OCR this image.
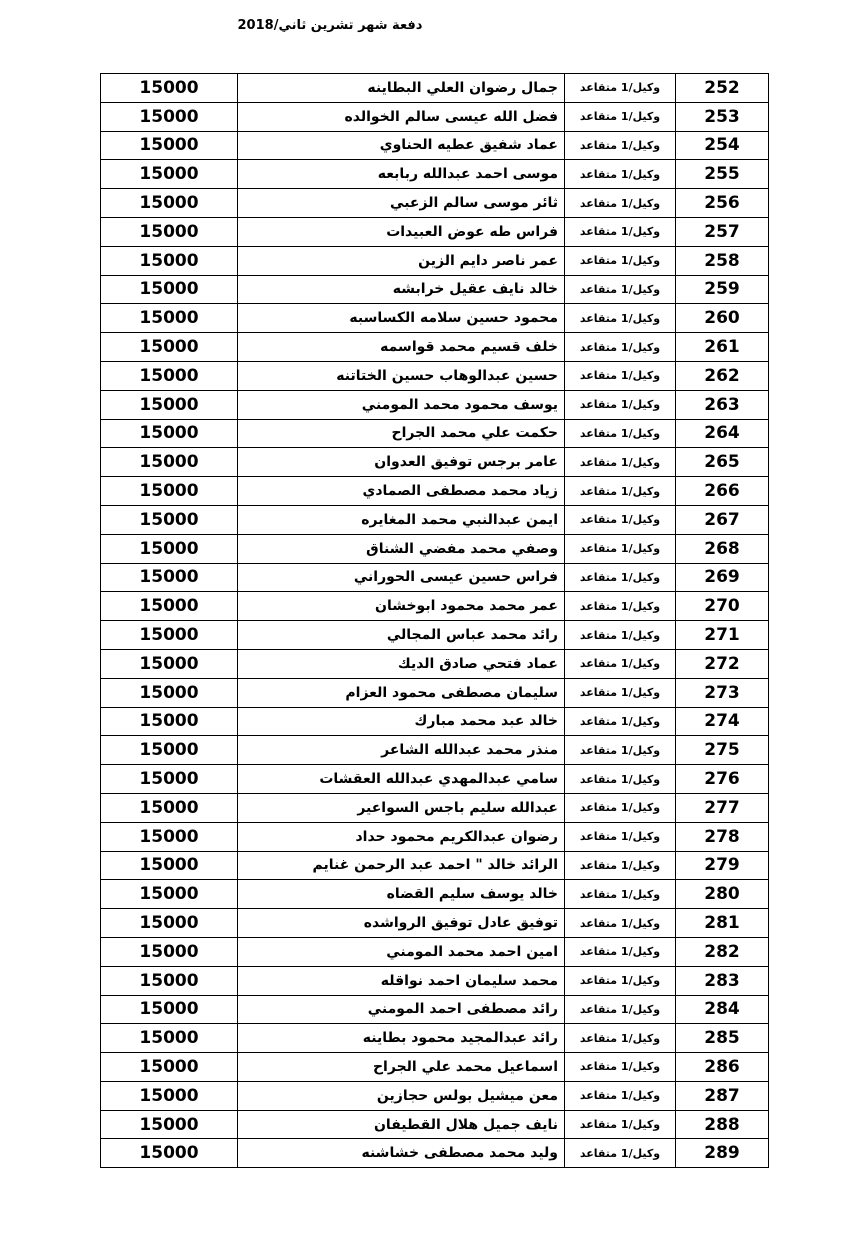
دفعة شهر تشرين ثاني/2018
15000	جمال رضوان العلي البطاينه	وكيل/1 متقاعد	252
15000	فضل الله عيسى سالم الخوالده	وكيل/1 متقاعد	253
15000	عماد شفيق عطيه الحناوي	وكيل/1 متقاعد	254
15000	موسى احمد عبدالله ربابعه	وكيل/1 متقاعد	255
15000	ثائر موسى سالم الزعبي	وكيل/1 متقاعد	256
15000	فراس طه عوض العبيدات	وكيل/1 متقاعد	257
15000	عمر ناصر دايم الزين	وكيل/1 متقاعد	258
15000	خالد نايف عقيل خرابشه	وكيل/1 متقاعد	259
15000	محمود حسين سلامه الكساسبه	وكيل/1 متقاعد	260
15000	خلف قسيم محمد قواسمه	وكيل/1 متقاعد	261
15000	حسين عبدالوهاب حسين الختاتنه	وكيل/1 متقاعد	262
15000	يوسف محمود محمد المومني	وكيل/1 متقاعد	263
15000	حكمت علي محمد الجراح	وكيل/1 متقاعد	264
15000	عامر برجس توفيق العدوان	وكيل/1 متقاعد	265
15000	زياد محمد مصطفى الصمادي	وكيل/1 متقاعد	266
15000	ايمن عبدالنبي محمد المغايره	وكيل/1 متقاعد	267
15000	وصفي محمد مفضي الشناق	وكيل/1 متقاعد	268
15000	فراس حسين عيسى الحوراني	وكيل/1 متقاعد	269
15000	عمر محمد محمود ابوخشان	وكيل/1 متقاعد	270
15000	رائد محمد عباس المجالي	وكيل/1 متقاعد	271
15000	عماد فتحي صادق الديك	وكيل/1 متقاعد	272
15000	سليمان مصطفى محمود العزام	وكيل/1 متقاعد	273
15000	خالد عبد محمد مبارك	وكيل/1 متقاعد	274
15000	منذر محمد عبدالله الشاعر	وكيل/1 متقاعد	275
15000	سامي عبدالمهدي عبدالله العقشات	وكيل/1 متقاعد	276
15000	عبدالله سليم باجس السواعير	وكيل/1 متقاعد	277
15000	رضوان عبدالكريم محمود حداد	وكيل/1 متقاعد	278
15000	الرائد خالد " احمد عبد الرحمن غنايم	وكيل/1 متقاعد	279
15000	خالد يوسف سليم القضاه	وكيل/1 متقاعد	280
15000	توفيق عادل توفيق الرواشده	وكيل/1 متقاعد	281
15000	امين احمد محمد المومني	وكيل/1 متقاعد	282
15000	محمد سليمان احمد نواقله	وكيل/1 متقاعد	283
15000	رائد مصطفى احمد المومني	وكيل/1 متقاعد	284
15000	رائد عبدالمجيد محمود بطاينه	وكيل/1 متقاعد	285
15000	اسماعيل محمد علي الجراح	وكيل/1 متقاعد	286
15000	معن ميشيل بولس حجازين	وكيل/1 متقاعد	287
15000	نايف جميل هلال القطيفان	وكيل/1 متقاعد	288
15000	وليد محمد مصطفى خشاشنه	وكيل/1 متقاعد	289
